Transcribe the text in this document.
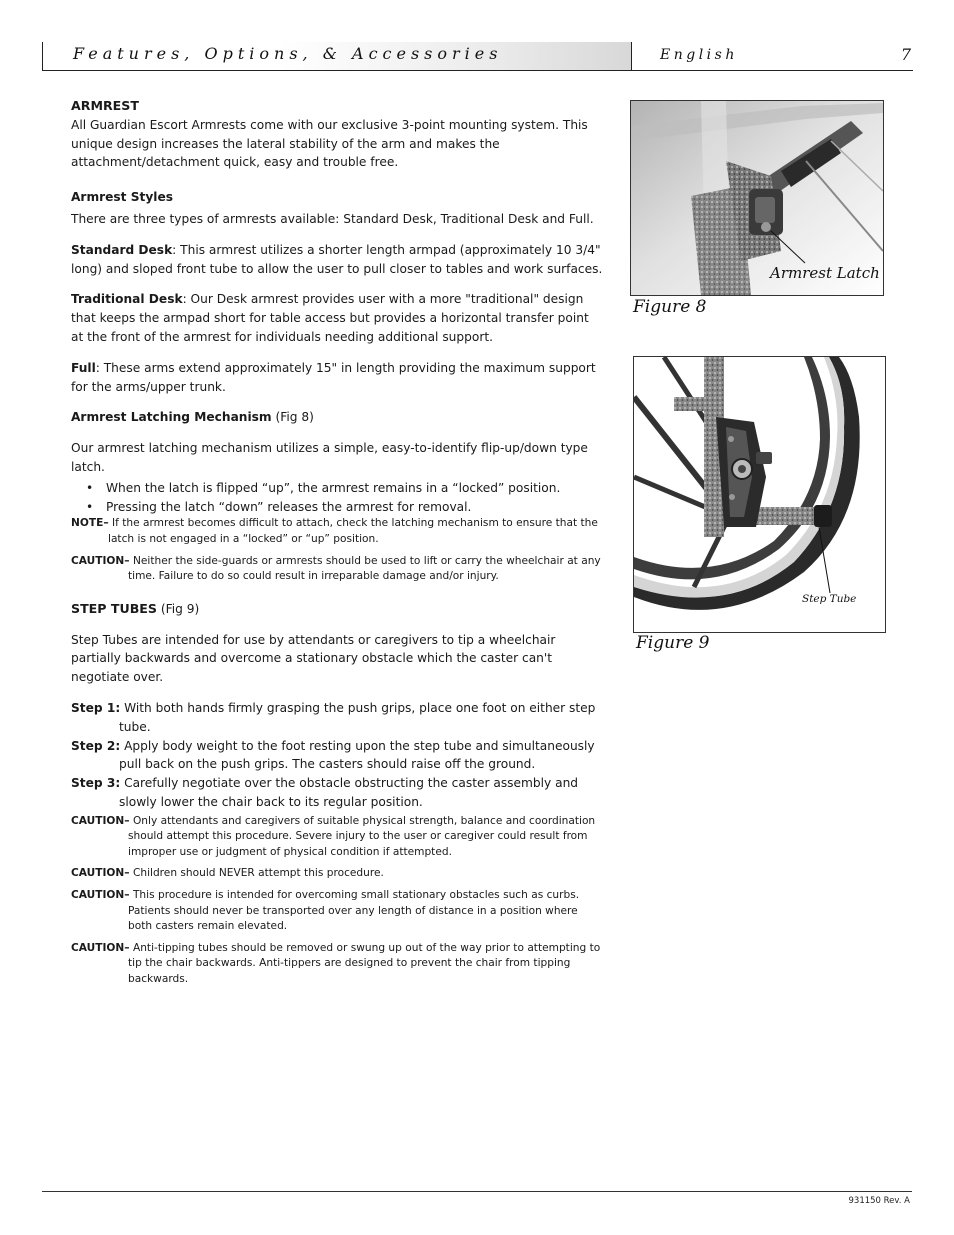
Features, Options, & Accessories	English	7

ARMREST

All Guardian Escort Armrests come with our exclusive 3-point mounting system. This unique design increases the lateral stability of the arm and makes the attachment/detachment quick, easy and trouble free.

Armrest Styles

There are three types of armrests available: Standard Desk, Traditional Desk and Full.

Standard Desk: This armrest utilizes a shorter length armpad (approximately 10 3/4" long) and sloped front tube to allow the user to pull closer to tables and work surfaces.

Traditional Desk: Our Desk armrest provides user with a more "traditional" design that keeps the armpad short for table access but provides a horizontal transfer point at the front of the armrest for individuals needing additional support.

Full: These arms extend approximately 15" in length providing the maximum support for the arms/upper trunk.

Armrest Latching Mechanism (Fig 8)

Our armrest latching mechanism utilizes a simple, easy-to-identify flip-up/down type latch.

• When the latch is flipped “up”, the armrest remains in a “locked” position.
• Pressing the latch “down” releases the armrest for removal.

NOTE– If the armrest becomes difficult to attach, check the latching mechanism to ensure that the latch is not engaged in a “locked” or “up” position.

CAUTION– Neither the side-guards or armrests should be used to lift or carry the wheelchair at any time. Failure to do so could result in irreparable damage and/or injury.

STEP TUBES (Fig 9)

Step Tubes are intended for use by attendants or caregivers to tip a wheelchair partially backwards and overcome a stationary obstacle which the caster can't negotiate over.

Step 1: With both hands firmly grasping the push grips, place one foot on either step tube.

Step 2: Apply body weight to the foot resting upon the step tube and simultaneously pull back on the push grips. The casters should raise off the ground.

Step 3: Carefully negotiate over the obstacle obstructing the caster assembly and slowly lower the chair back to its regular position.

CAUTION– Only attendants and caregivers of suitable physical strength, balance and coordination should attempt this procedure. Severe injury to the user or caregiver could result from improper use or judgment of physical condition if attempted.

CAUTION– Children should NEVER attempt this procedure.

CAUTION– This procedure is intended for overcoming small stationary obstacles such as curbs. Patients should never be transported over any length of distance in a position where both casters remain elevated.

CAUTION– Anti-tipping tubes should be removed or swung up out of the way prior to attempting to tip the chair backwards. Anti-tippers are designed to prevent the chair from tipping backwards.

Figure 8
Armrest Latch
Figure 9
Step Tube
931150 Rev. A
